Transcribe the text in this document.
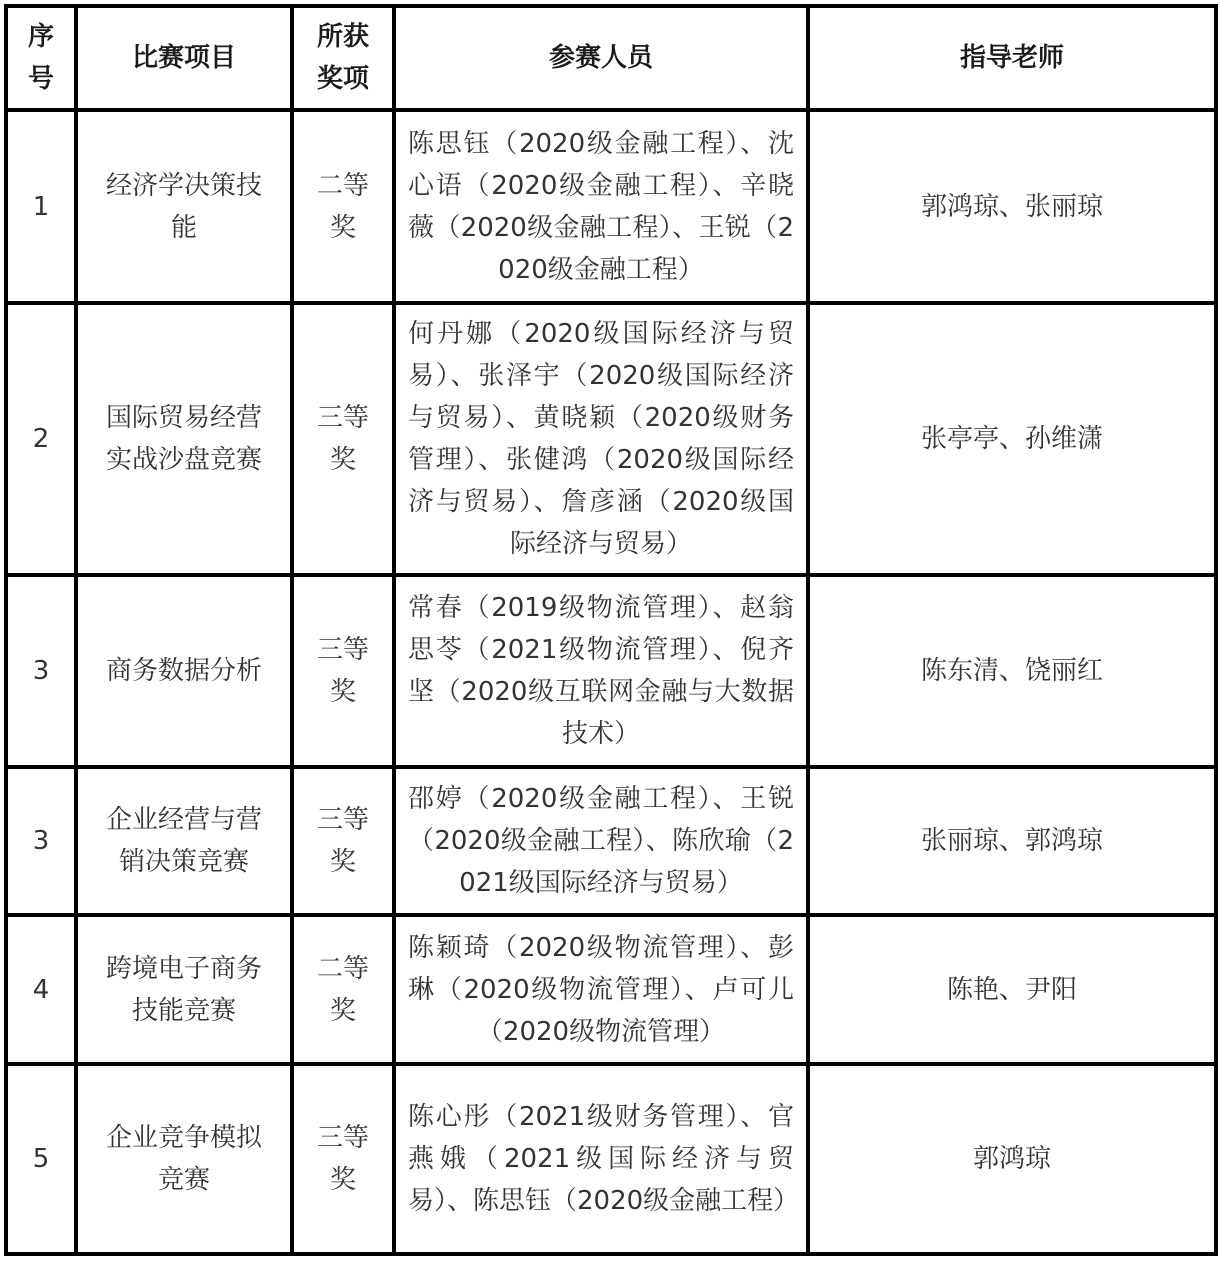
序号	比赛项目	所获奖项	参赛人员	指导老师
1	经济学决策技能	二等奖	陈思钰（2020级金融工程）、沈心语（2020级金融工程）、辛晓薇（2020级金融工程）、王锐（2020级金融工程）	郭鸿琼、张丽琼
2	国际贸易经营实战沙盘竞赛	三等奖	何丹娜（2020级国际经济与贸易）、张泽宇（2020级国际经济与贸易）、黄晓颖（2020级财务管理）、张健鸿（2020级国际经济与贸易）、詹彦涵（2020级国际经济与贸易）	张亭亭、孙维潇
3	商务数据分析	三等奖	常春（2019级物流管理）、赵翁思苓（2021级物流管理）、倪齐坚（2020级互联网金融与大数据技术）	陈东清、饶丽红
3	企业经营与营销决策竞赛	三等奖	邵婷（2020级金融工程）、王锐（2020级金融工程）、陈欣瑜（2021级国际经济与贸易）	张丽琼、郭鸿琼
4	跨境电子商务技能竞赛	二等奖	陈颖琦（2020级物流管理）、彭琳（2020级物流管理）、卢可儿（2020级物流管理）	陈艳、尹阳
5	企业竞争模拟竞赛	三等奖	陈心彤（2021级财务管理）、官燕娥（2021级国际经济与贸易）、陈思钰（2020级金融工程）	郭鸿琼
